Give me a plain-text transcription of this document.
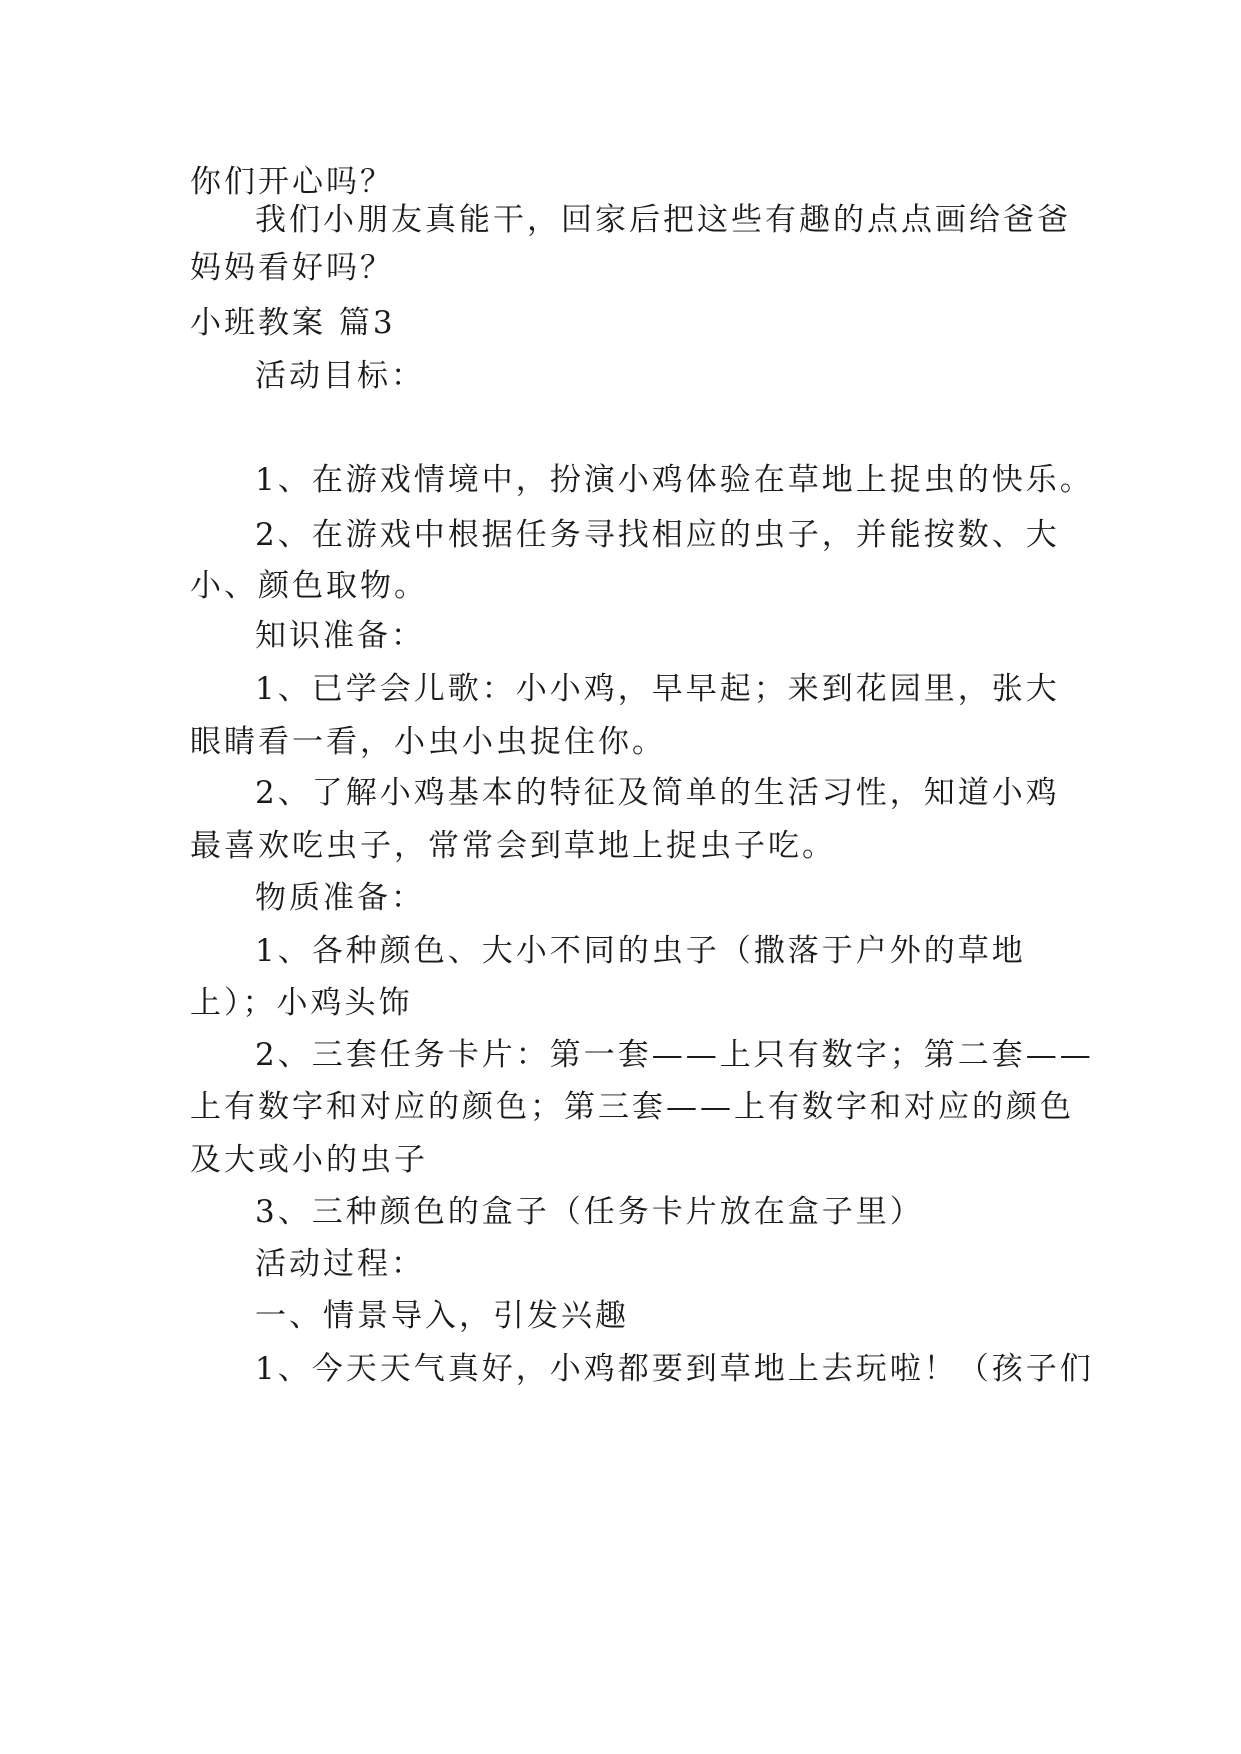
你们开心吗？
我们小朋友真能干，回家后把这些有趣的点点画给爸爸
妈妈看好吗？
小班教案 篇3
活动目标：
1、在游戏情境中，扮演小鸡体验在草地上捉虫的快乐。
2、在游戏中根据任务寻找相应的虫子，并能按数、大
小、颜色取物。
知识准备：
1、已学会儿歌：小小鸡，早早起；来到花园里，张大
眼睛看一看，小虫小虫捉住你。
2、了解小鸡基本的特征及简单的生活习性，知道小鸡
最喜欢吃虫子，常常会到草地上捉虫子吃。
物质准备：
1、各种颜色、大小不同的虫子（撒落于户外的草地
上）；小鸡头饰
2、三套任务卡片：第一套——上只有数字；第二套——
上有数字和对应的颜色；第三套——上有数字和对应的颜色
及大或小的虫子
3、三种颜色的盒子（任务卡片放在盒子里）
活动过程：
一、情景导入，引发兴趣
1、今天天气真好，小鸡都要到草地上去玩啦！（孩子们
